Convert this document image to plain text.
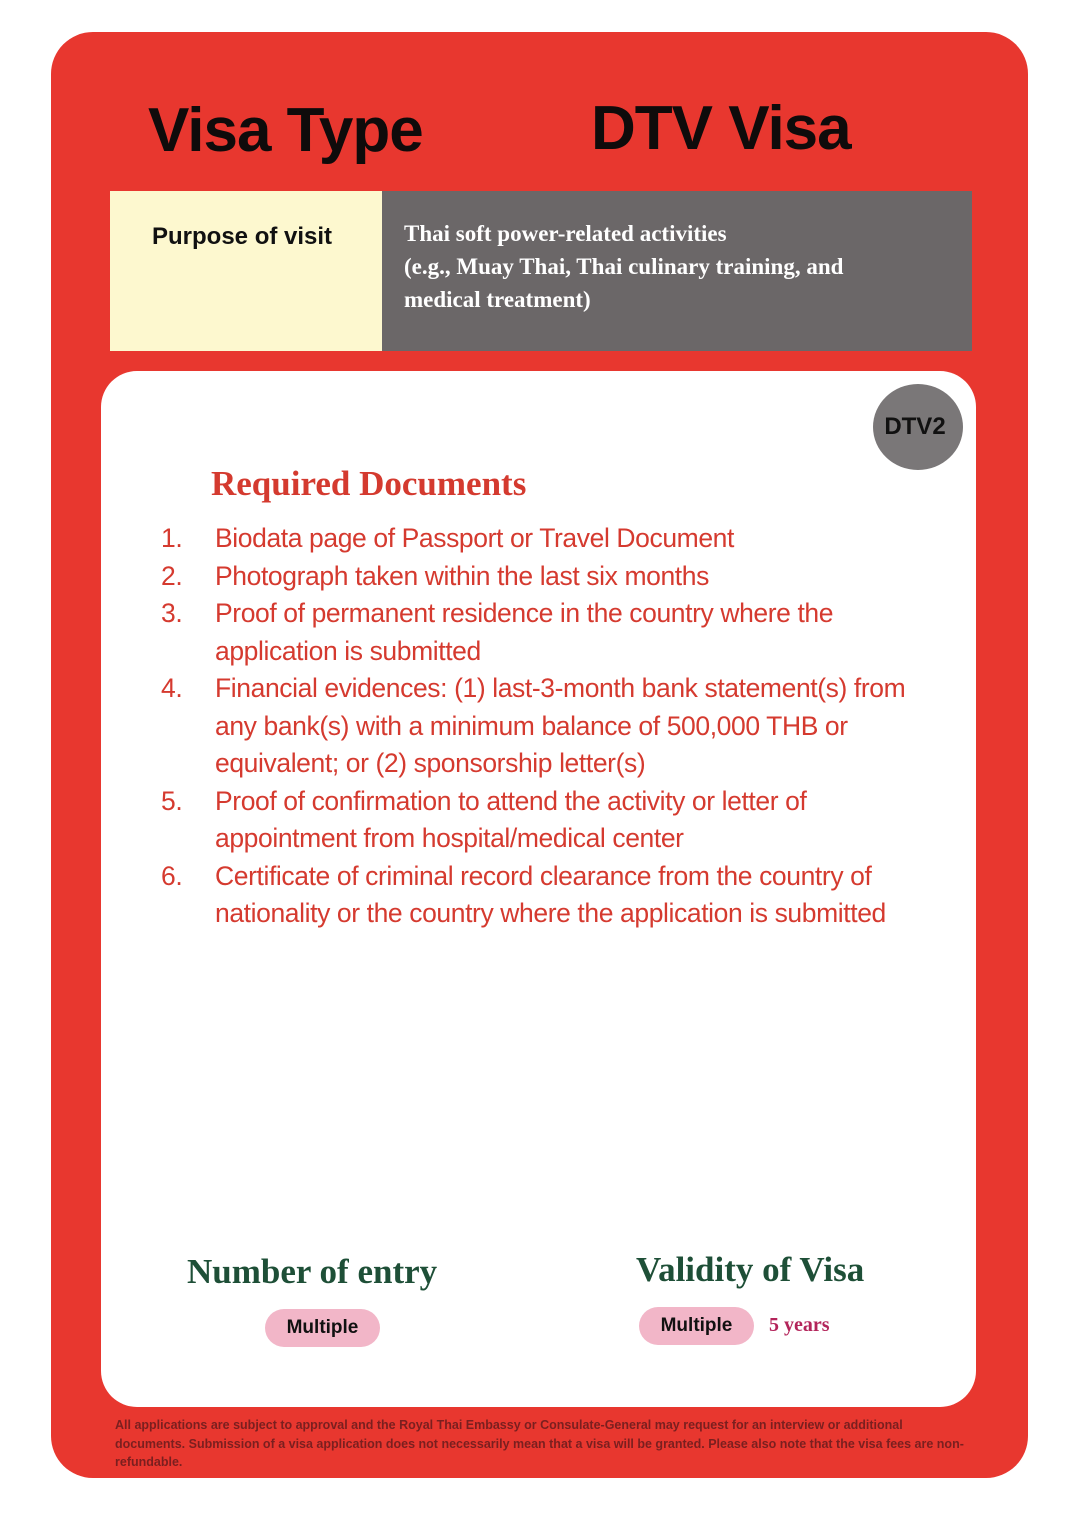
Visa Type	DTV Visa
Purpose of visit	Thai soft power-related activities
(e.g., Muay Thai, Thai culinary training, and
medical treatment)
DTV2
Required Documents
1. Biodata page of Passport or Travel Document
2. Photograph taken within the last six months
3. Proof of permanent residence in the country where the application is submitted
4. Financial evidences: (1) last-3-month bank statement(s) from any bank(s) with a minimum balance of 500,000 THB or equivalent; or (2) sponsorship letter(s)
5. Proof of confirmation to attend the activity or letter of appointment from hospital/medical center
6. Certificate of criminal record clearance from the country of nationality or the country where the application is submitted
Number of entry
Multiple
Validity of Visa
Multiple	5 years
All applications are subject to approval and the Royal Thai Embassy or Consulate-General may request for an interview or additional documents. Submission of a visa application does not necessarily mean that a visa will be granted. Please also note that the visa fees are non-refundable.
